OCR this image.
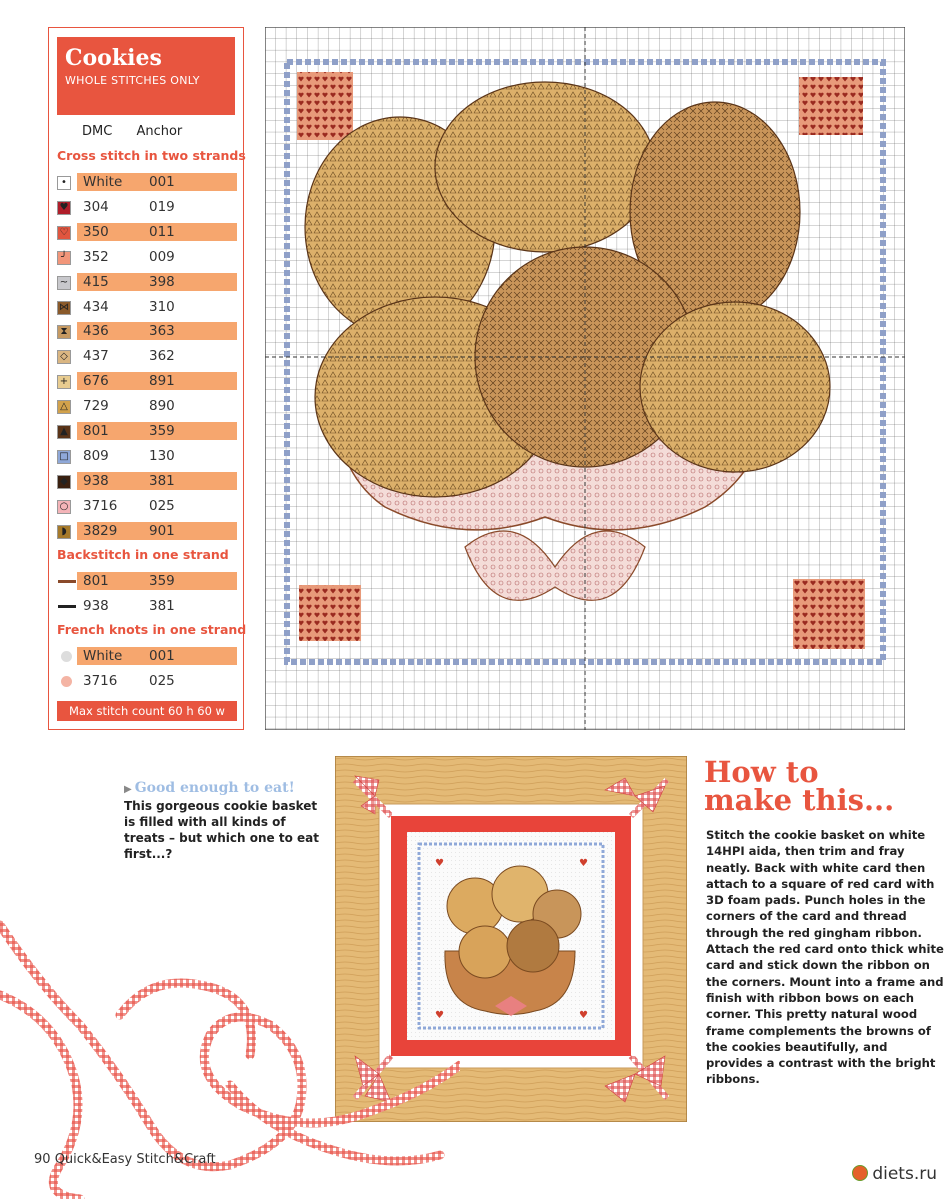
Cookies
WHOLE STITCHES ONLY
DMC Anchor
Cross stitch in two strands
• White 001
♥ 304	019
♡ 350	011
╯ 352	009
~ 415	398
⋈ 434	310
⧗ 436	363
◇ 437	362
+ 676	891
△ 729	890
▲ 801	359
□ 809	130
◆ 938	381
○ 3716 025
◗	3829 901
Backstitch in one strand
801	359
938	381
French knots in one strand
White 001
3716 025
Max stitch count 60 h 60 w
▶ Good enough to eat!
This gorgeous cookie basket is filled with all kinds of treats – but which one to eat first...?
♥	♥
♥	♥
How to
make this...
Stitch the cookie basket on white 14HPI aida, then trim and fray neatly. Back with white card then attach to a square of red card with 3D foam pads. Punch holes in the corners of the card and thread through the red gingham ribbon. Attach the red card onto thick white card and stick down the ribbon on the corners. Mount into a frame and finish with ribbon bows on each corner. This pretty natural wood frame complements the browns of the cookies beautifully, and provides a contrast with the bright ribbons.
90 Quick&Easy Stitch&Craft
diets.ru
